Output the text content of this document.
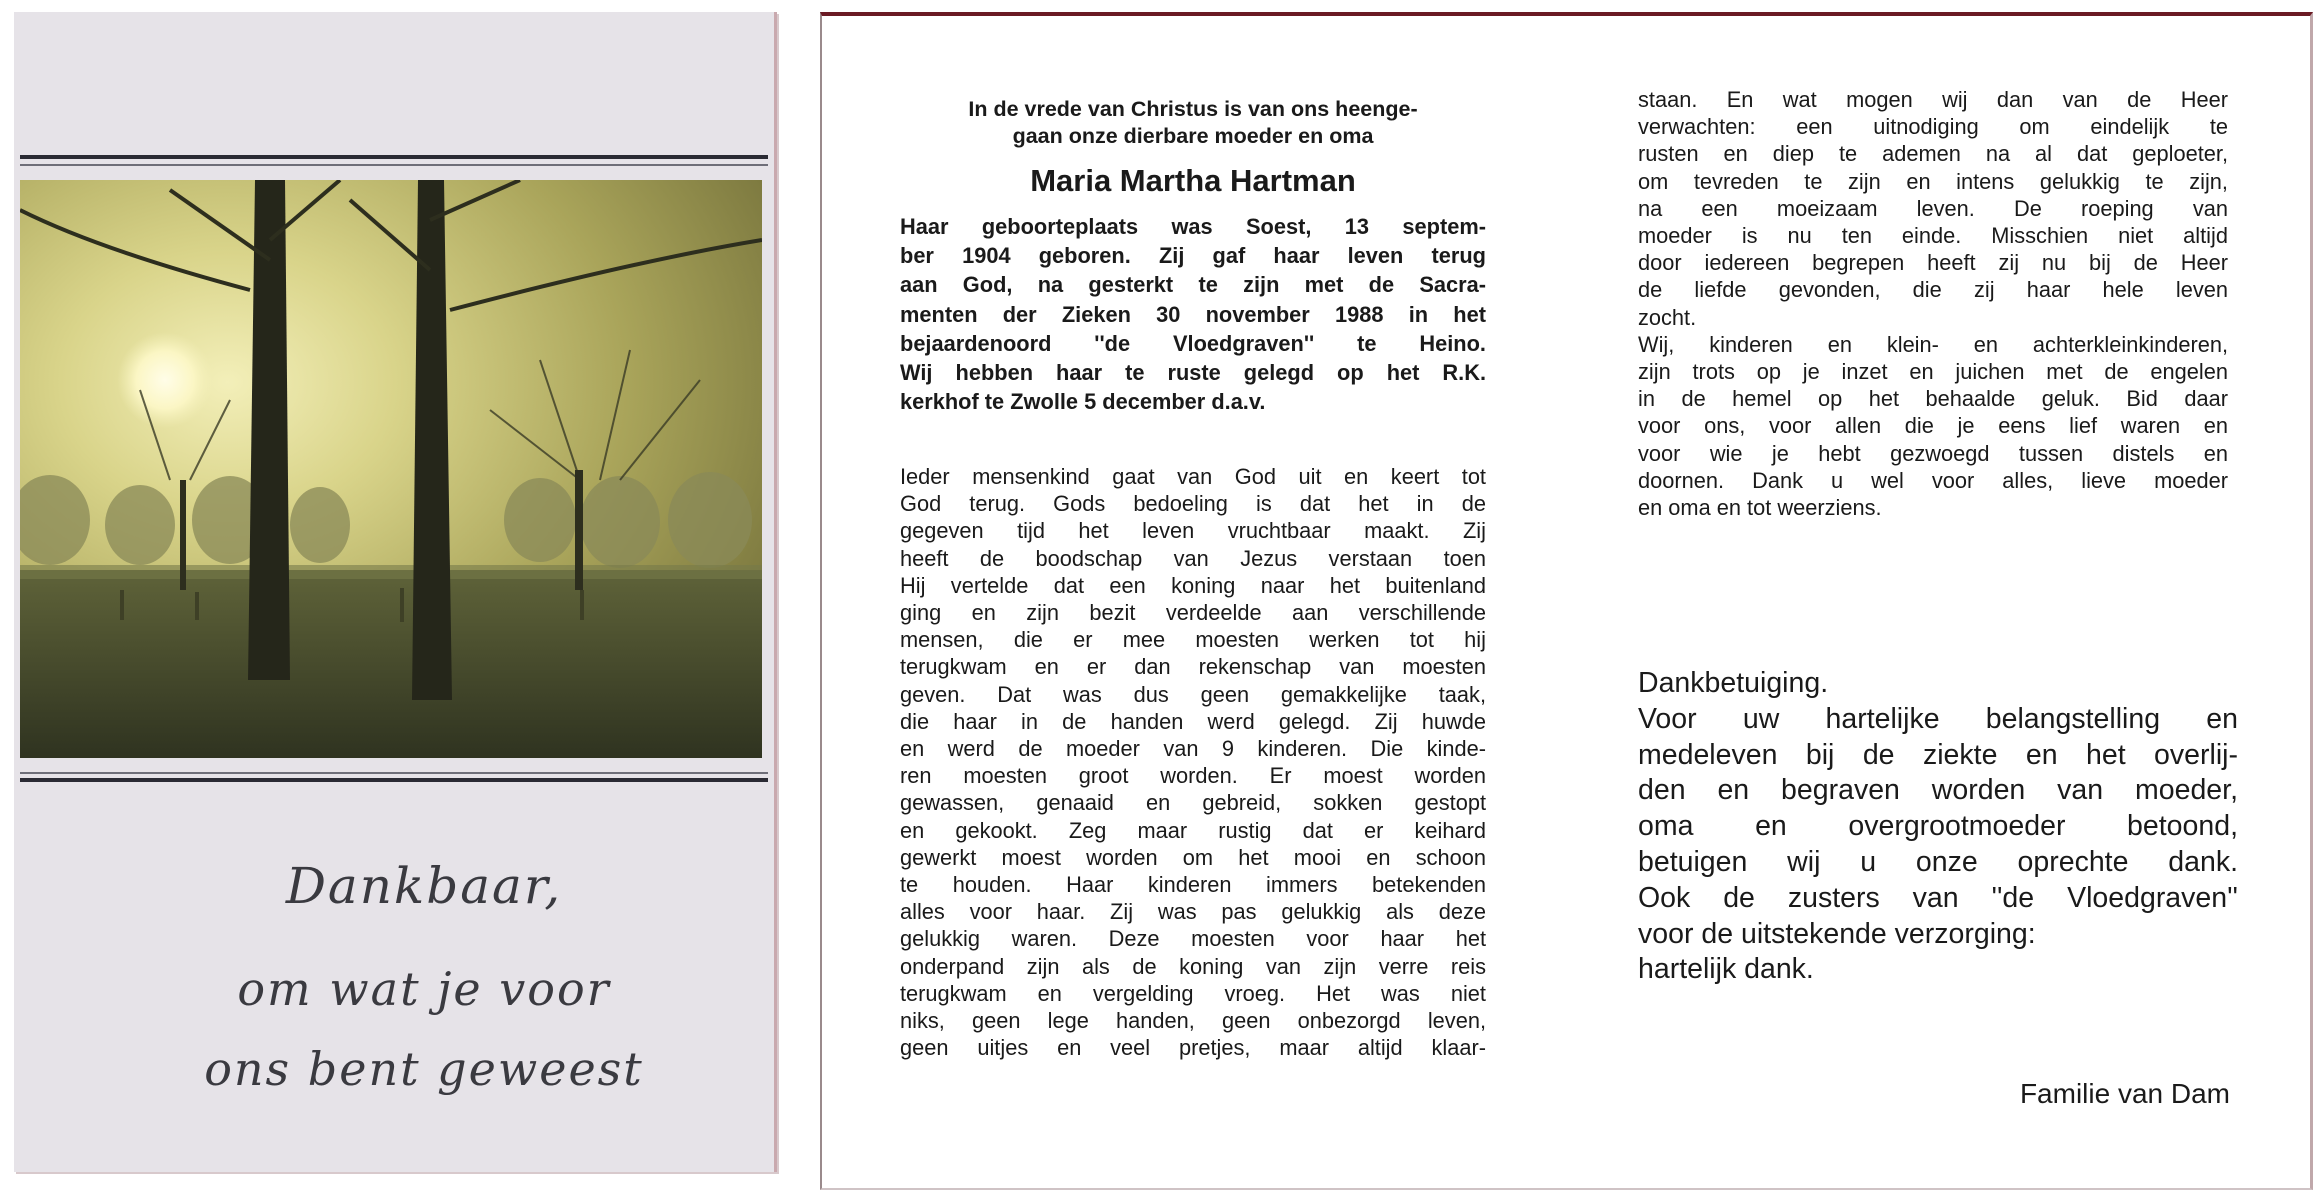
Dankbaar,
om wat je voor
ons bent geweest
In de vrede van Christus is van ons heenge-
gaan onze dierbare moeder en oma
Maria Martha Hartman
Haar geboorteplaats was Soest, 13 septem-
ber 1904 geboren. Zij gaf haar leven terug
aan God, na gesterkt te zijn met de Sacra-
menten der Zieken 30 november 1988 in het
bejaardenoord ''de Vloedgraven'' te Heino.
Wij hebben haar te ruste gelegd op het R.K.
kerkhof te Zwolle 5 december d.a.v.
Ieder mensenkind gaat van God uit en keert tot
God terug. Gods bedoeling is dat het in de
gegeven tijd het leven vruchtbaar maakt. Zij
heeft de boodschap van Jezus verstaan toen
Hij vertelde dat een koning naar het buitenland
ging en zijn bezit verdeelde aan verschillende
mensen, die er mee moesten werken tot hij
terugkwam en er dan rekenschap van moesten
geven. Dat was dus geen gemakkelijke taak,
die haar in de handen werd gelegd. Zij huwde
en werd de moeder van 9 kinderen. Die kinde-
ren moesten groot worden. Er moest worden
gewassen, genaaid en gebreid, sokken gestopt
en gekookt. Zeg maar rustig dat er keihard
gewerkt moest worden om het mooi en schoon
te houden. Haar kinderen immers betekenden
alles voor haar. Zij was pas gelukkig als deze
gelukkig waren. Deze moesten voor haar het
onderpand zijn als de koning van zijn verre reis
terugkwam en vergelding vroeg. Het was niet
niks, geen lege handen, geen onbezorgd leven,
geen uitjes en veel pretjes, maar altijd klaar-
staan. En wat mogen wij dan van de Heer
verwachten: een uitnodiging om eindelijk te
rusten en diep te ademen na al dat geploeter,
om tevreden te zijn en intens gelukkig te zijn,
na een moeizaam leven. De roeping van
moeder is nu ten einde. Misschien niet altijd
door iedereen begrepen heeft zij nu bij de Heer
de liefde gevonden, die zij haar hele leven
zocht.
Wij, kinderen en klein- en achterkleinkinderen,
zijn trots op je inzet en juichen met de engelen
in de hemel op het behaalde geluk. Bid daar
voor ons, voor allen die je eens lief waren en
voor wie je hebt gezwoegd tussen distels en
doornen. Dank u wel voor alles, lieve moeder
en oma en tot weerziens.
Dankbetuiging.
Voor uw hartelijke belangstelling en
medeleven bij de ziekte en het overlij-
den en begraven worden van moeder,
oma en overgrootmoeder betoond,
betuigen wij u onze oprechte dank.
Ook de zusters van ''de Vloedgraven''
voor de uitstekende verzorging:
hartelijk dank.
Familie van Dam
